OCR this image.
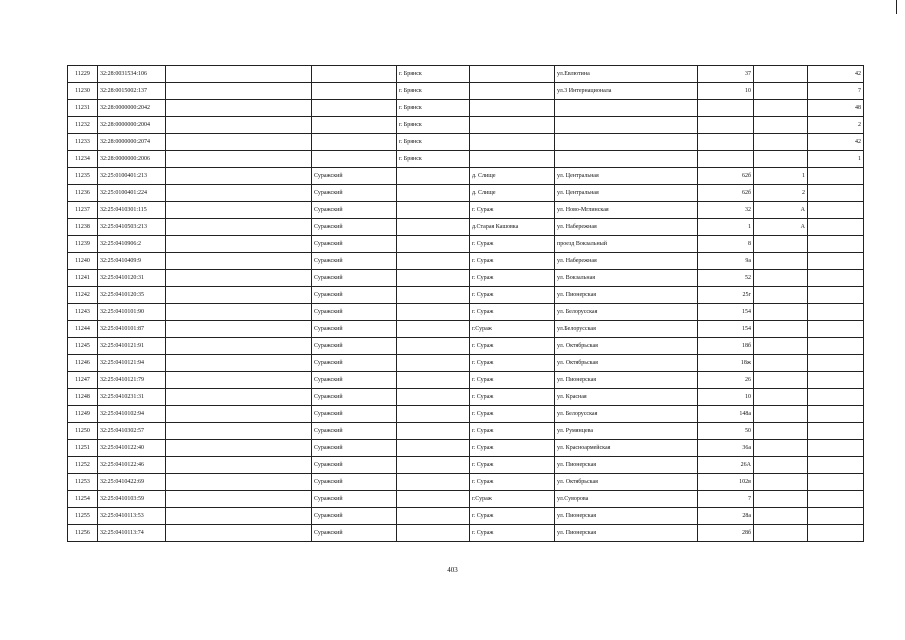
11229	32:28:0031534:106			г. Брянск		ул.Евлютина	37		42
11230	32:28:0015002:137			г. Брянск		ул.3 Интернационала	10		7
11231	32:28:0000000:2042			г. Брянск					48
11232	32:28:0000000:2004			г. Брянск					2
11233	32:28:0000000:2074			г. Брянск					42
11234	32:28:0000000:2006			г. Брянск					1
11235	32:25:0100401:213		Суражский		д. Слище	ул. Центральная	62б	1	
11236	32:25:0100401:224		Суражский		д. Слище	ул. Центральная	62б	2	
11237	32:25:0410301:115		Суражский		г. Сураж	ул. Ново-Мглинская	32	А	
11238	32:25:0410503:213		Суражский		д.Старая Кашовка	ул. Набережная	1	А	
11239	32:25:0410906:2		Суражский		г. Сураж	проезд Вокзальный	8		
11240	32:25:0410409:9		Суражский		г. Сураж	ул. Набережная	9а		
11241	32:25:0410120:31		Суражский		г. Сураж	ул. Вокзальная	52		
11242	32:25:0410120:35		Суражский		г. Сураж	ул. Пионерская	25г		
11243	32:25:0410101:90		Суражский		г. Сураж	ул. Белорусская	154		
11244	32:25:0410101:87		Суражский		г.Сураж	ул.Белорусская	154		
11245	32:25:0410121:91		Суражский		г. Сураж	ул. Октябрьская	18б		
11246	32:25:0410121:94		Суражский		г. Сураж	ул. Октябрьская	18ж		
11247	32:25:0410121:79		Суражский		г. Сураж	ул. Пионерская	26		
11248	32:25:0410231:31		Суражский		г. Сураж	ул. Красная	10		
11249	32:25:0410102:94		Суражский		г. Сураж	ул. Белорусская	148а		
11250	32:25:0410302:57		Суражский		г. Сураж	ул. Румянцева	50		
11251	32:25:0410122:40		Суражский		г. Сураж	ул. Красноармейская	36а		
11252	32:25:0410122:46		Суражский		г. Сураж	ул. Пионерская	26А		
11253	32:25:0410422:69		Суражский		г. Сураж	ул. Октябрьская	102в		
11254	32:25:0410103:59		Суражский		г.Сураж	ул.Суворова	7		
11255	32:25:0410113:53		Суражский		г. Сураж	ул. Пионерская	28а		
11256	32:25:0410113:74		Суражский		г. Сураж	ул. Пионерская	28б		
403
